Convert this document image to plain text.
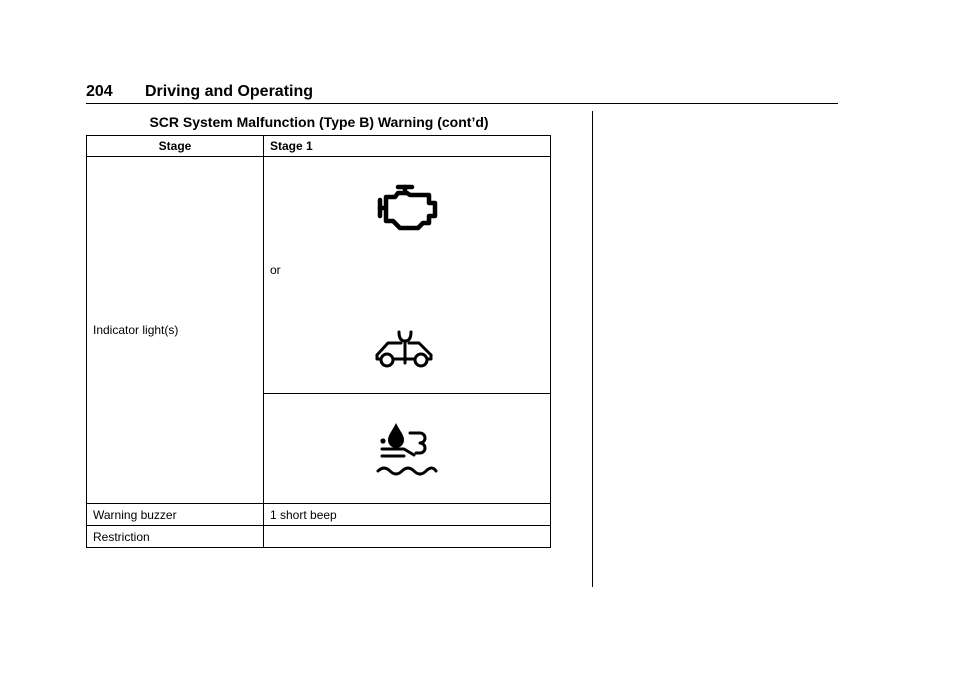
204 Driving and Operating
SCR System Malfunction (Type B) Warning (cont’d)
Stage	Stage 1
Indicator light(s)	or

Warning buzzer	1 short beep
Restriction	
